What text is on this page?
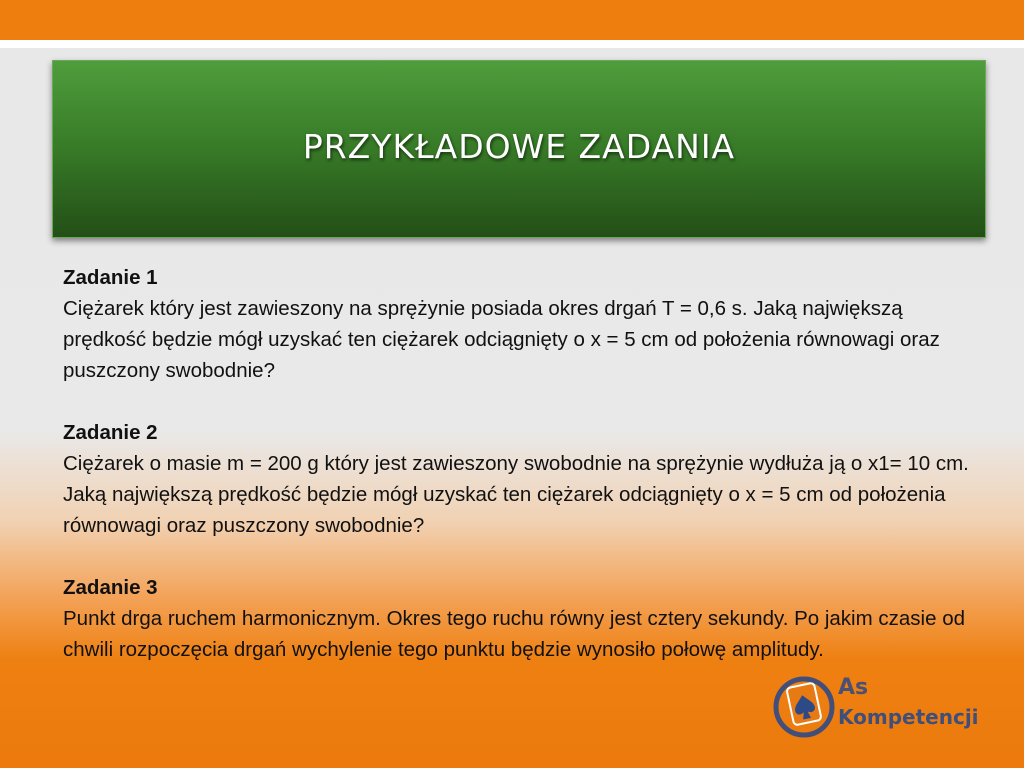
PRZYKŁADOWE ZADANIA
Zadanie 1
Ciężarek który jest zawieszony na sprężynie posiada okres drgań T = 0,6 s. Jaką największą prędkość będzie mógł uzyskać ten ciężarek odciągnięty o x = 5 cm od położenia równowagi oraz puszczony swobodnie?
Zadanie 2
Ciężarek o masie m = 200 g który jest zawieszony swobodnie na sprężynie wydłuża ją o x1= 10 cm. Jaką największą prędkość będzie mógł uzyskać ten ciężarek odciągnięty o x = 5 cm od położenia równowagi oraz puszczony swobodnie?
Zadanie 3
Punkt drga ruchem harmonicznym. Okres tego ruchu równy jest cztery sekundy. Po jakim czasie od chwili rozpoczęcia drgań wychylenie tego punktu będzie wynosiło połowę amplitudy.
As
Kompetencji
